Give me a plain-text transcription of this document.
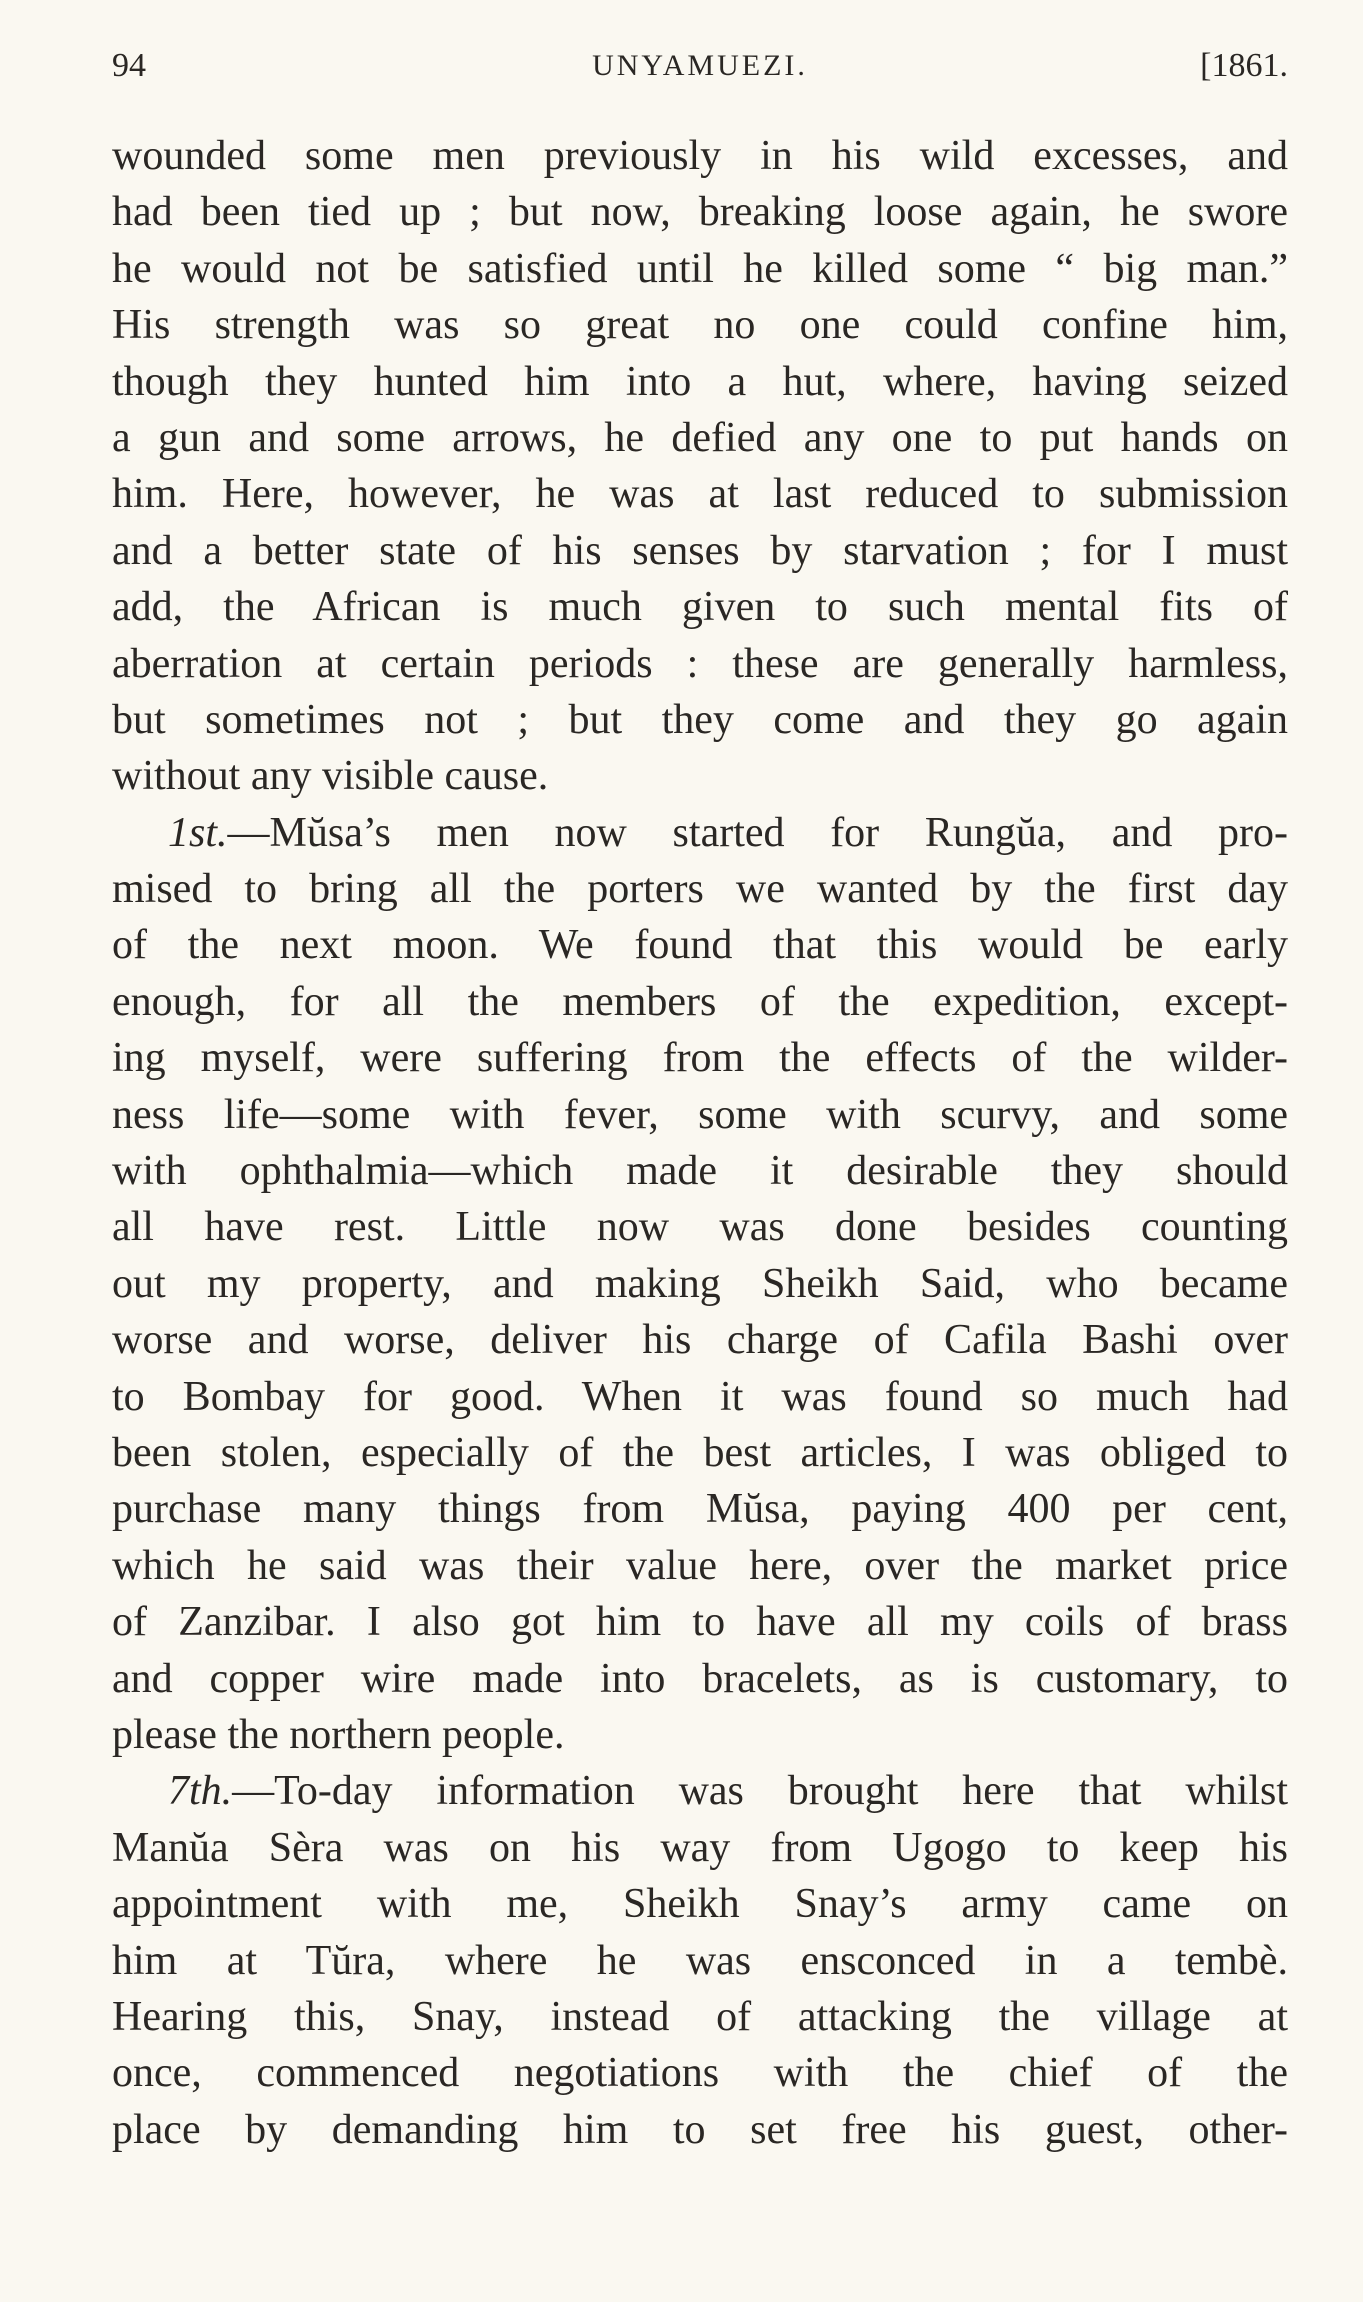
94	UNYAMUEZI.	[1861.
wounded some men previously in his wild excesses, and
had been tied up ; but now, breaking loose again, he swore
he would not be satisfied until he killed some “ big man.”
His strength was so great no one could confine him,
though they hunted him into a hut, where, having seized
a gun and some arrows, he defied any one to put hands on
him. Here, however, he was at last reduced to submission
and a better state of his senses by starvation ; for I must
add, the African is much given to such mental fits of
aberration at certain periods : these are generally harmless,
but sometimes not ; but they come and they go again
without any visible cause.
1st.—Mŭsa’s men now started for Rungŭa, and pro-
mised to bring all the porters we wanted by the first day
of the next moon. We found that this would be early
enough, for all the members of the expedition, except-
ing myself, were suffering from the effects of the wilder-
ness life—some with fever, some with scurvy, and some
with ophthalmia—which made it desirable they should
all have rest. Little now was done besides counting
out my property, and making Sheikh Said, who became
worse and worse, deliver his charge of Cafila Bashi over
to Bombay for good. When it was found so much had
been stolen, especially of the best articles, I was obliged to
purchase many things from Mŭsa, paying 400 per cent,
which he said was their value here, over the market price
of Zanzibar. I also got him to have all my coils of brass
and copper wire made into bracelets, as is customary, to
please the northern people.
7th.—To-day information was brought here that whilst
Manŭa Sèra was on his way from Ugogo to keep his
appointment with me, Sheikh Snay’s army came on
him at Tŭra, where he was ensconced in a tembè.
Hearing this, Snay, instead of attacking the village at
once, commenced negotiations with the chief of the
place by demanding him to set free his guest, other-
